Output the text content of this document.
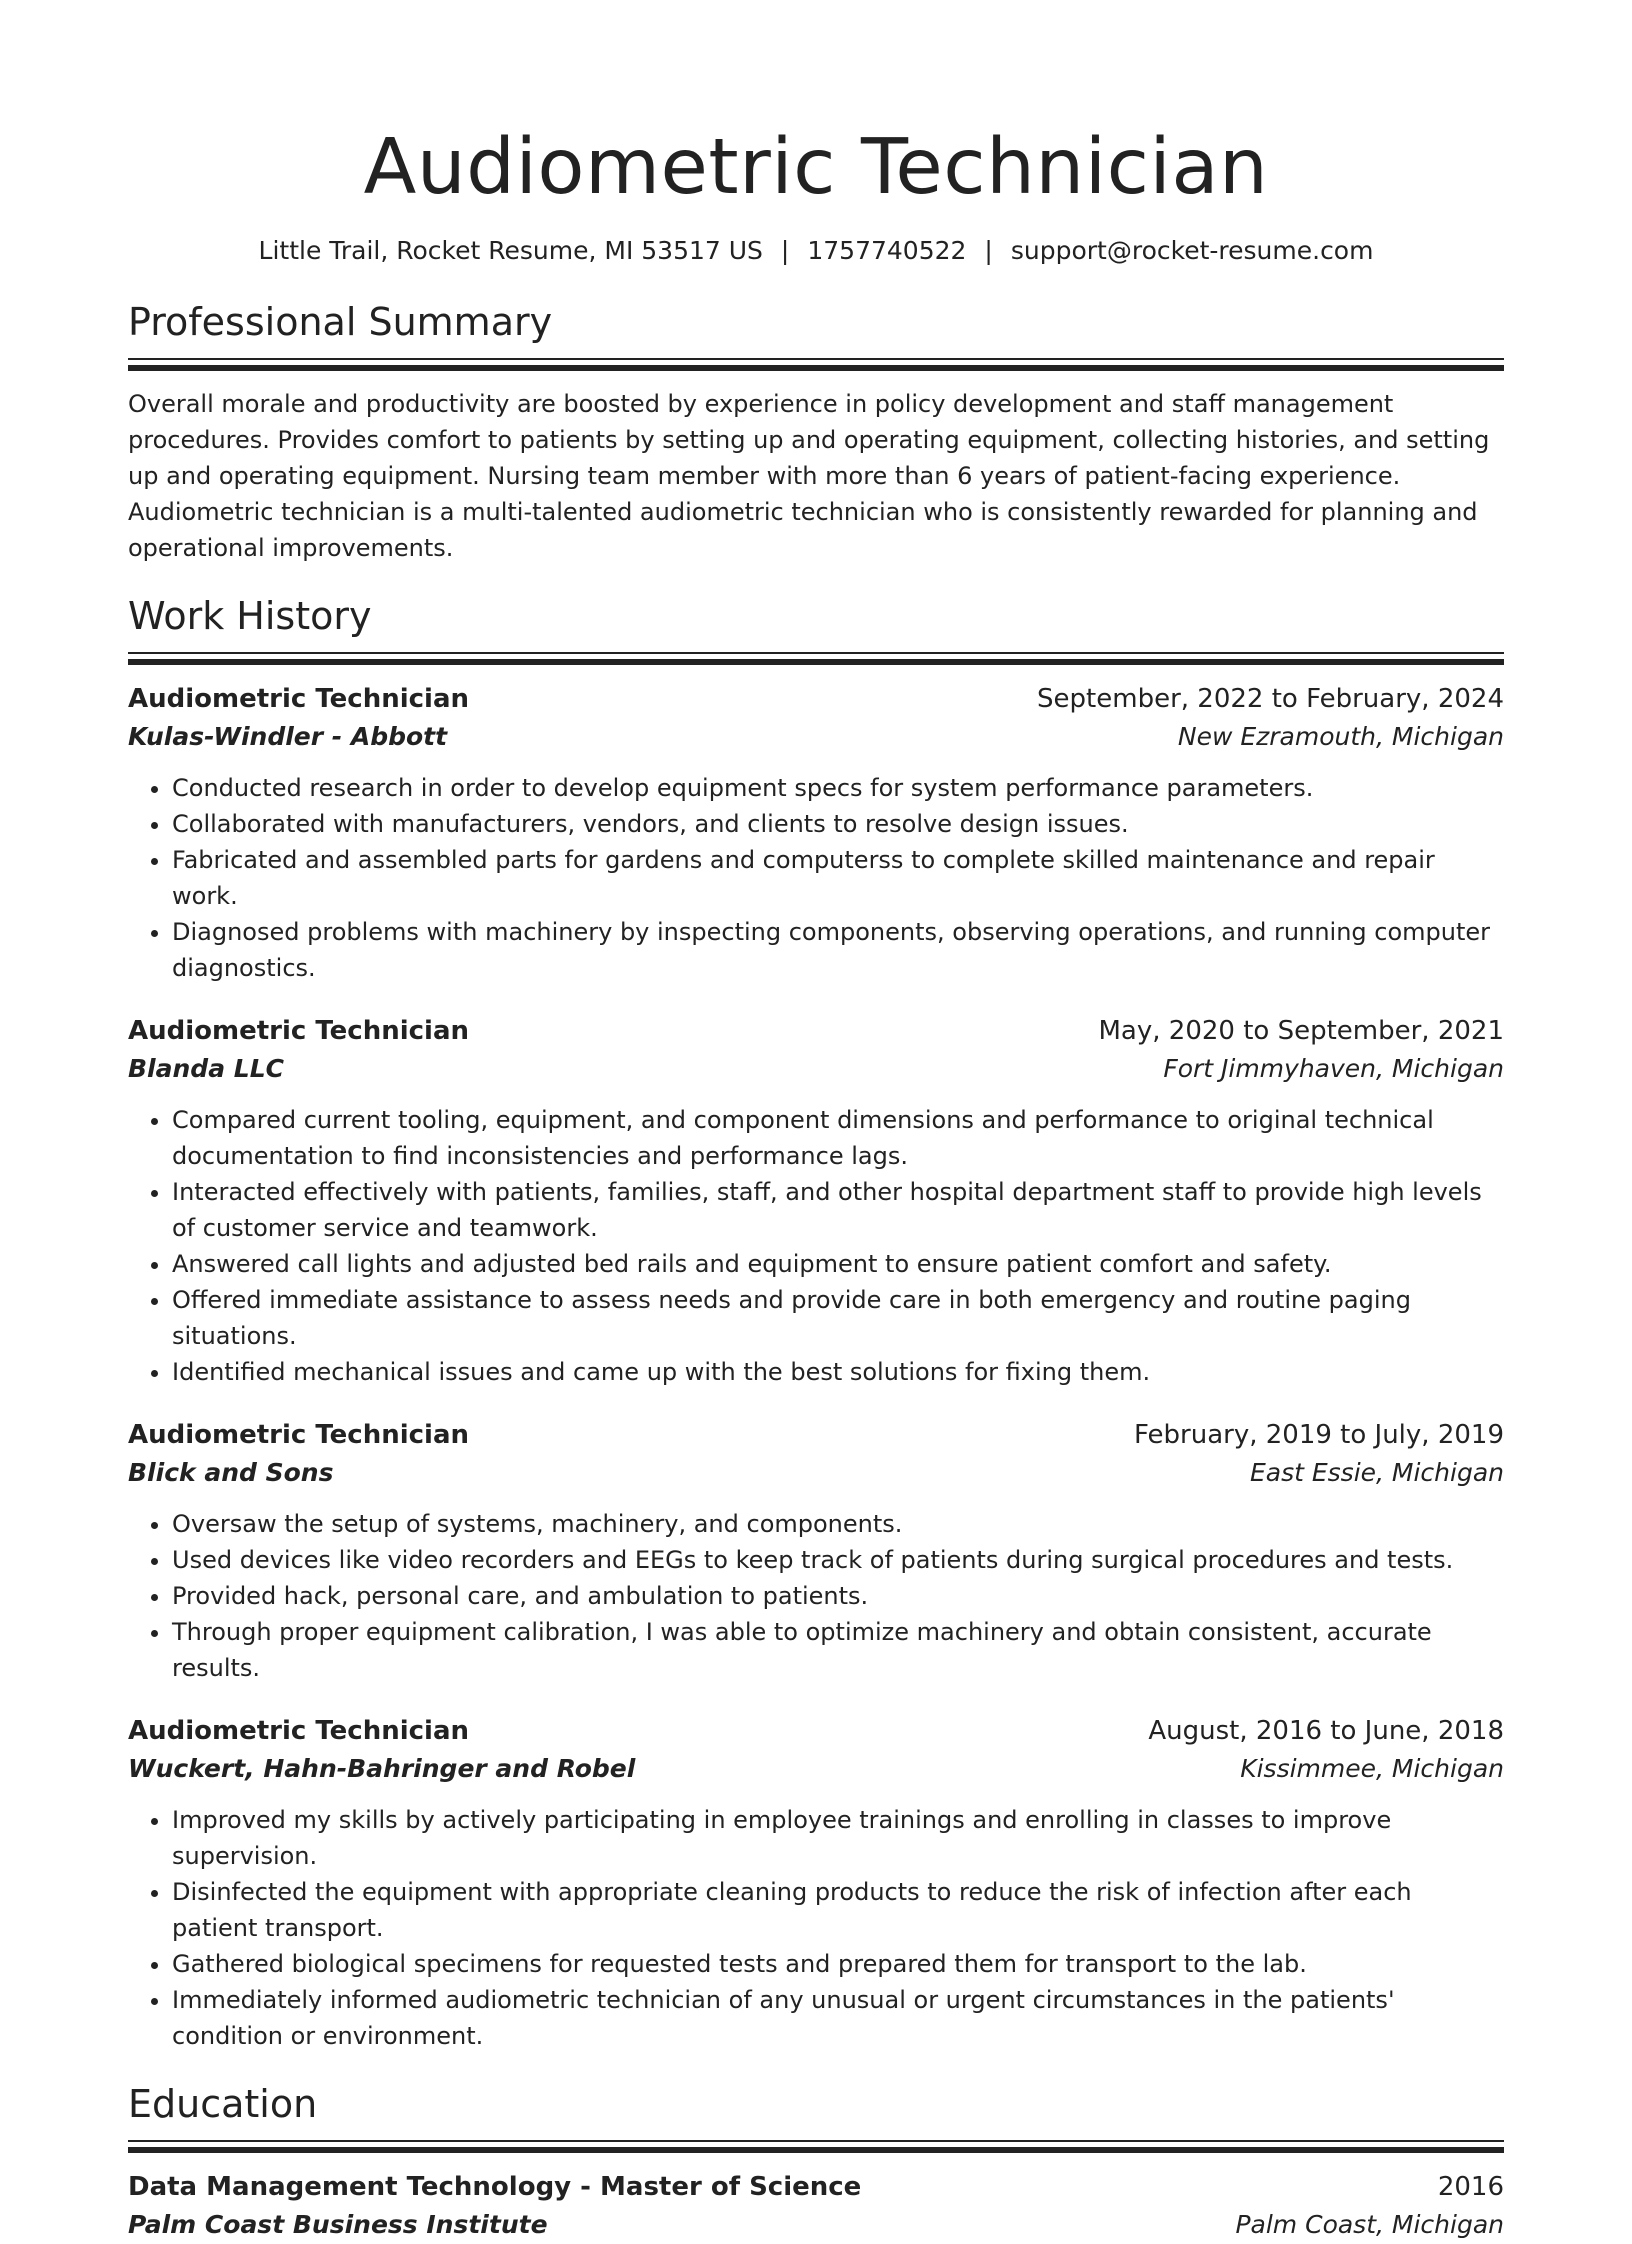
Audiometric Technician
Little Trail, Rocket Resume, MI 53517 US | 1757740522 | support@rocket-resume.com
Professional Summary

Overall morale and productivity are boosted by experience in policy development and staff management procedures. Provides comfort to patients by setting up and operating equipment, collecting histories, and setting up and operating equipment. Nursing team member with more than 6 years of patient-facing experience. Audiometric technician is a multi-talented audiometric technician who is consistently rewarded for planning and operational improvements.

Work History
Audiometric Technician	September, 2022 to February, 2024
Kulas-Windler - Abbott	New Ezramouth, Michigan
• Conducted research in order to develop equipment specs for system performance parameters.
• Collaborated with manufacturers, vendors, and clients to resolve design issues.
• Fabricated and assembled parts for gardens and computerss to complete skilled maintenance and repair work.
• Diagnosed problems with machinery by inspecting components, observing operations, and running computer diagnostics.
Audiometric Technician	May, 2020 to September, 2021
Blanda LLC	Fort Jimmyhaven, Michigan
• Compared current tooling, equipment, and component dimensions and performance to original technical documentation to find inconsistencies and performance lags.
• Interacted effectively with patients, families, staff, and other hospital department staff to provide high levels of customer service and teamwork.
• Answered call lights and adjusted bed rails and equipment to ensure patient comfort and safety.
• Offered immediate assistance to assess needs and provide care in both emergency and routine paging situations.
• Identified mechanical issues and came up with the best solutions for fixing them.
Audiometric Technician	February, 2019 to July, 2019
Blick and Sons	East Essie, Michigan
• Oversaw the setup of systems, machinery, and components.
• Used devices like video recorders and EEGs to keep track of patients during surgical procedures and tests.
• Provided hack, personal care, and ambulation to patients.
• Through proper equipment calibration, I was able to optimize machinery and obtain consistent, accurate results.
Audiometric Technician	August, 2016 to June, 2018
Wuckert, Hahn-Bahringer and Robel	Kissimmee, Michigan
• Improved my skills by actively participating in employee trainings and enrolling in classes to improve supervision.
• Disinfected the equipment with appropriate cleaning products to reduce the risk of infection after each patient transport.
• Gathered biological specimens for requested tests and prepared them for transport to the lab.
• Immediately informed audiometric technician of any unusual or urgent circumstances in the patients' condition or environment.
Education
Data Management Technology - Master of Science	2016
Palm Coast Business Institute	Palm Coast, Michigan
